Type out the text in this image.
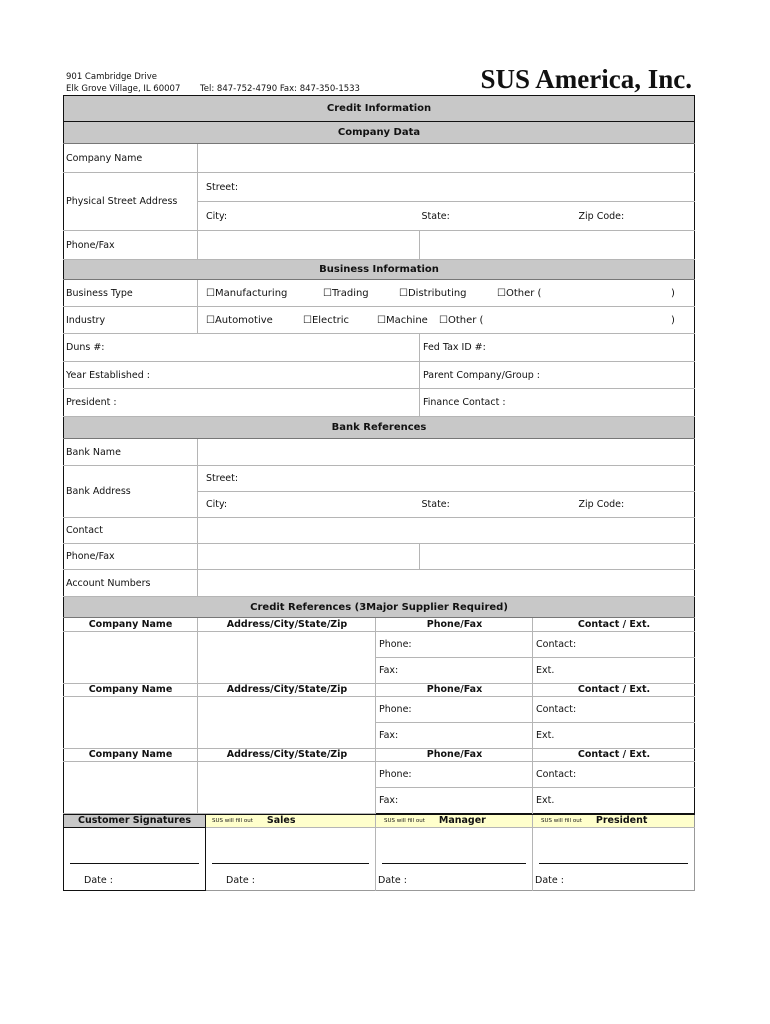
901 Cambridge Drive
Elk Grove Village, IL 60007 Tel: 847-752-4790 Fax: 847-350-1533	SUS America, Inc.
Credit Information			
Company Data			
Company Name			
Physical Street Address	Street:		
	City:	State:	Zip Code:
Phone/Fax			
Business Information			
Business Type	☐Manufacturing ☐Trading ☐Distributing ☐Other ( )		
Industry	☐Automotive ☐Electric ☐Machine ☐Other ( )		
Duns #:		Fed Tax ID #:	
Year Established :		Parent Company/Group :	
President :		Finance Contact :	
Bank References			
Bank Name			
Bank Address	Street:		
	City:	State:	Zip Code:
Contact			
Phone/Fax			
Account Numbers			
Credit References (3Major Supplier Required)			
Company Name	Address/City/State/Zip	Phone/Fax	Contact / Ext.
		Phone:	Contact:
		Fax:	Ext.
Company Name	Address/City/State/Zip	Phone/Fax	Contact / Ext.
		Phone:	Contact:
		Fax:	Ext.
Company Name	Address/City/State/Zip	Phone/Fax	Contact / Ext.
		Phone:	Contact:
		Fax:	Ext.
Customer Signatures	SUS will fill out Sales	SUS will fill out Manager	SUS will fill out President

Date :	Date :	Date :	Date :
